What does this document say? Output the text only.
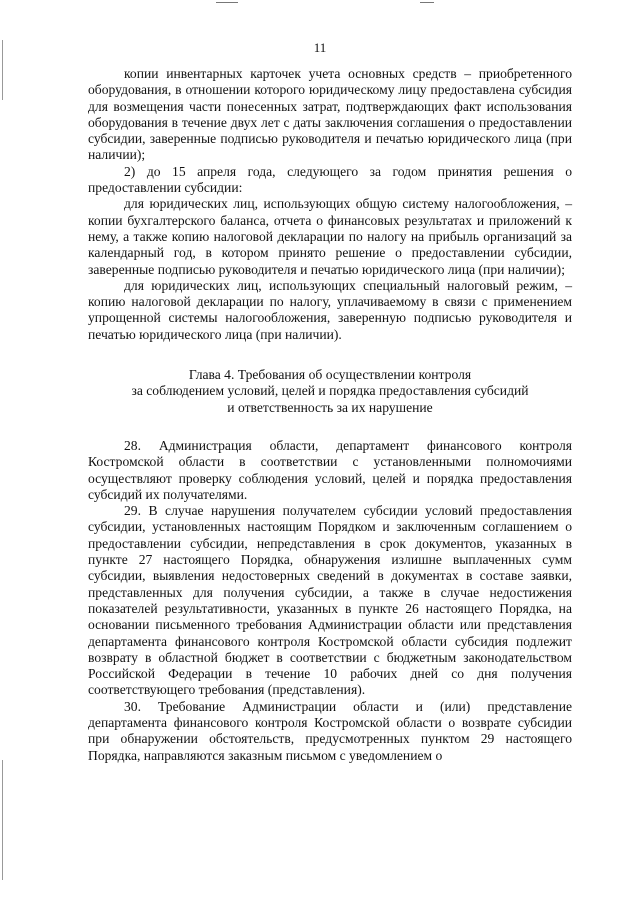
11

копии инвентарных карточек учета основных средств – приобретенного оборудования, в отношении которого юридическому лицу предоставлена субсидия для возмещения части понесенных затрат, подтверждающих факт использования оборудования в течение двух лет с даты заключения соглашения о предоставлении субсидии, заверенные подписью руководителя и печатью юридического лица (при наличии);

2) до 15 апреля года, следующего за годом принятия решения о предоставлении субсидии:

для юридических лиц, использующих общую систему налогообложения, – копии бухгалтерского баланса, отчета о финансовых результатах и приложений к нему, а также копию налоговой декларации по налогу на прибыль организаций за календарный год, в котором принято решение о предоставлении субсидии, заверенные подписью руководителя и печатью юридического лица (при наличии);

для юридических лиц, использующих специальный налоговый режим, – копию налоговой декларации по налогу, уплачиваемому в связи с применением упрощенной системы налогообложения, заверенную подписью руководителя и печатью юридического лица (при наличии).

Глава 4. Требования об осуществлении контроля
за соблюдением условий, целей и порядка предоставления субсидий
и ответственность за их нарушение

28. Администрация области, департамент финансового контроля Костромской области в соответствии с установленными полномочиями осуществляют проверку соблюдения условий, целей и порядка предоставления субсидий их получателями.

29. В случае нарушения получателем субсидии условий предоставления субсидии, установленных настоящим Порядком и заключенным соглашением о предоставлении субсидии, непредставления в срок документов, указанных в пункте 27 настоящего Порядка, обнаружения излишне выплаченных сумм субсидии, выявления недостоверных сведений в документах в составе заявки, представленных для получения субсидии, а также в случае недостижения показателей результативности, указанных в пункте 26 настоящего Порядка, на основании письменного требования Администрации области или представления департамента финансового контроля Костромской области субсидия подлежит возврату в областной бюджет в соответствии с бюджетным законодательством Российской Федерации в течение 10 рабочих дней со дня получения соответствующего требования (представления).

30. Требование Администрации области и (или) представление департамента финансового контроля Костромской области о возврате субсидии при обнаружении обстоятельств, предусмотренных пунктом 29 настоящего Порядка, направляются заказным письмом с уведомлением о
